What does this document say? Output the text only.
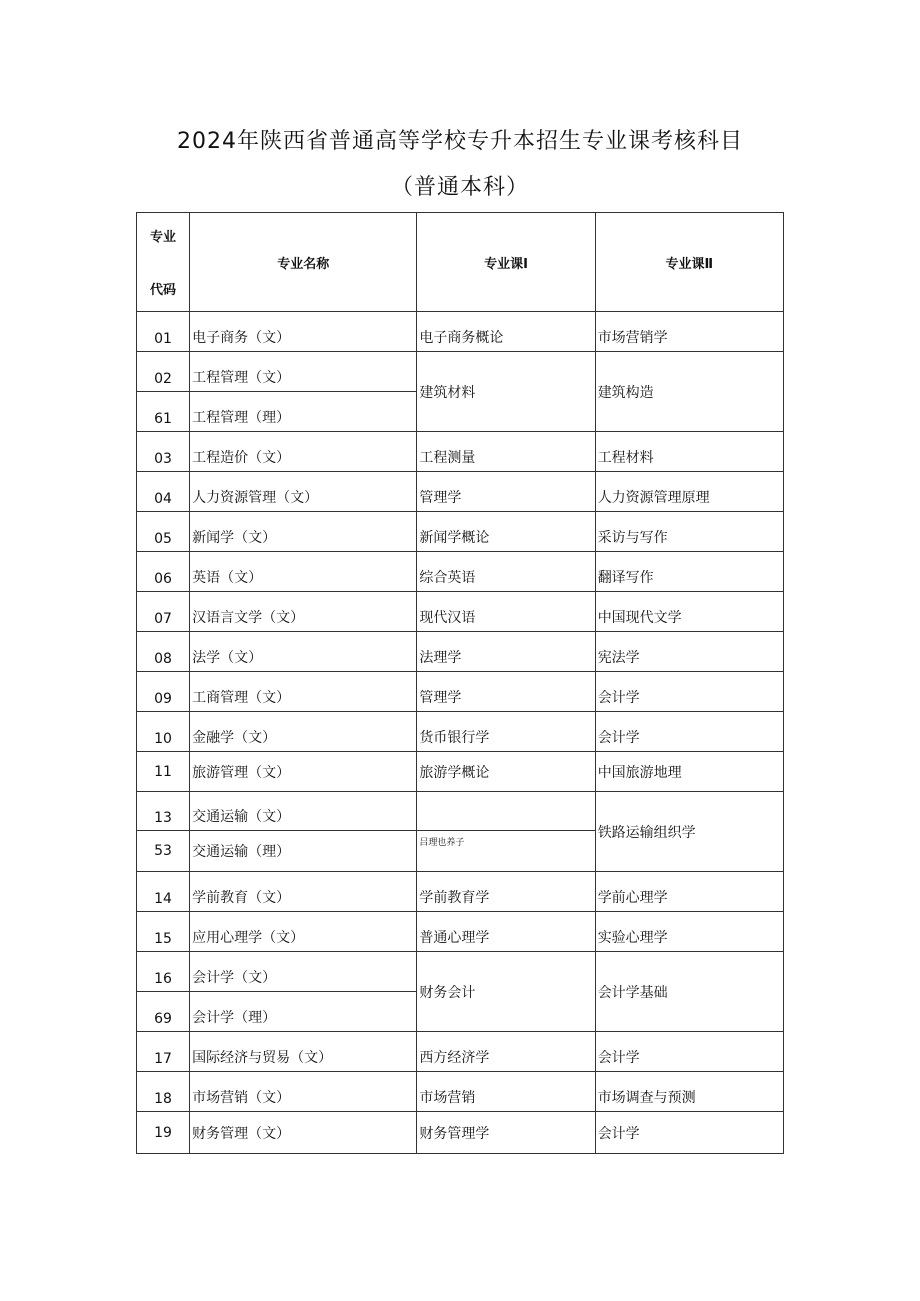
2024年陕西省普通高等学校专升本招生专业课考核科目
（普通本科）
专业
代码	专业名称	专业课Ⅰ	专业课Ⅱ
01	电子商务（文）	电子商务概论	市场营销学
02	工程管理（文）	建筑材料	建筑构造
61	工程管理（理）		
03	工程造价（文）	工程测量	工程材料
04	人力资源管理（文）	管理学	人力资源管理原理
05	新闻学（文）	新闻学概论	采访与写作
06	英语（文）	综合英语	翻译写作
07	汉语言文学（文）	现代汉语	中国现代文学
08	法学（文）	法理学	宪法学
09	工商管理（文）	管理学	会计学
10	金融学（文）	货币银行学	会计学
11	旅游管理（文）	旅游学概论	中国旅游地理
13	交通运输（文）		铁路运输组织学
53	交通运输（理）	吕理也养子	
14	学前教育（文）	学前教育学	学前心理学
15	应用心理学（文）	普通心理学	实验心理学
16	会计学（文）	财务会计	会计学基础
69	会计学（理）		
17	国际经济与贸易（文）	西方经济学	会计学
18	市场营销（文）	市场营销	市场调查与预测
19	财务管理（文）	财务管理学	会计学
